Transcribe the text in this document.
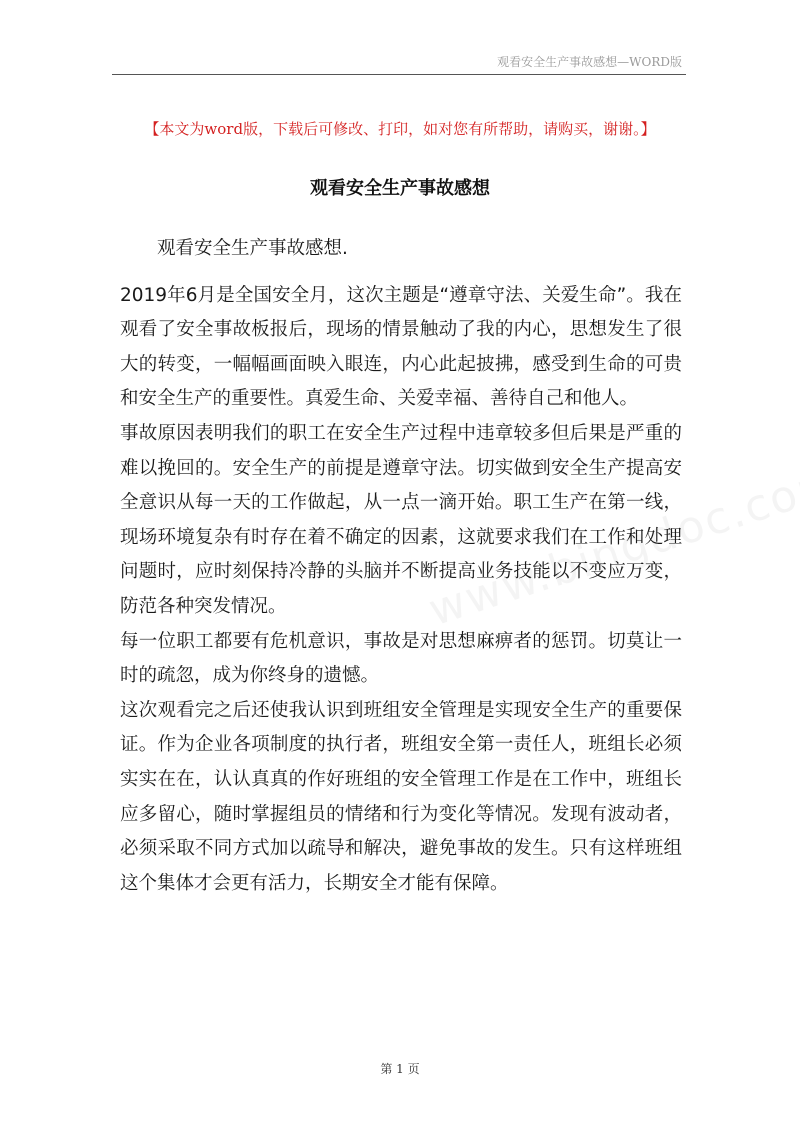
观看安全生产事故感想—WORD版
【本文为word版，下载后可修改、打印，如对您有所帮助，请购买，谢谢。】
观看安全生产事故感想

观看安全生产事故感想.

2019年6月是全国安全月，这次主题是“遵章守法、关爱生命”。我在观看了安全事故板报后，现场的情景触动了我的内心，思想发生了很大的转变，一幅幅画面映入眼连，内心此起披拂，感受到生命的可贵和安全生产的重要性。真爱生命、关爱幸福、善待自己和他人。

事故原因表明我们的职工在安全生产过程中违章较多但后果是严重的难以挽回的。安全生产的前提是遵章守法。切实做到安全生产提高安全意识从每一天的工作做起，从一点一滴开始。职工生产在第一线，现场环境复杂有时存在着不确定的因素，这就要求我们在工作和处理问题时，应时刻保持冷静的头脑并不断提高业务技能以不变应万变，防范各种突发情况。

每一位职工都要有危机意识，事故是对思想麻痹者的惩罚。切莫让一时的疏忽，成为你终身的遗憾。

这次观看完之后还使我认识到班组安全管理是实现安全生产的重要保证。作为企业各项制度的执行者，班组安全第一责任人，班组长必须实实在在，认认真真的作好班组的安全管理工作是在工作中，班组长应多留心，随时掌握组员的情绪和行为变化等情况。发现有波动者，必须采取不同方式加以疏导和解决，避免事故的发生。只有这样班组这个集体才会更有活力，长期安全才能有保障。

第 1 页
